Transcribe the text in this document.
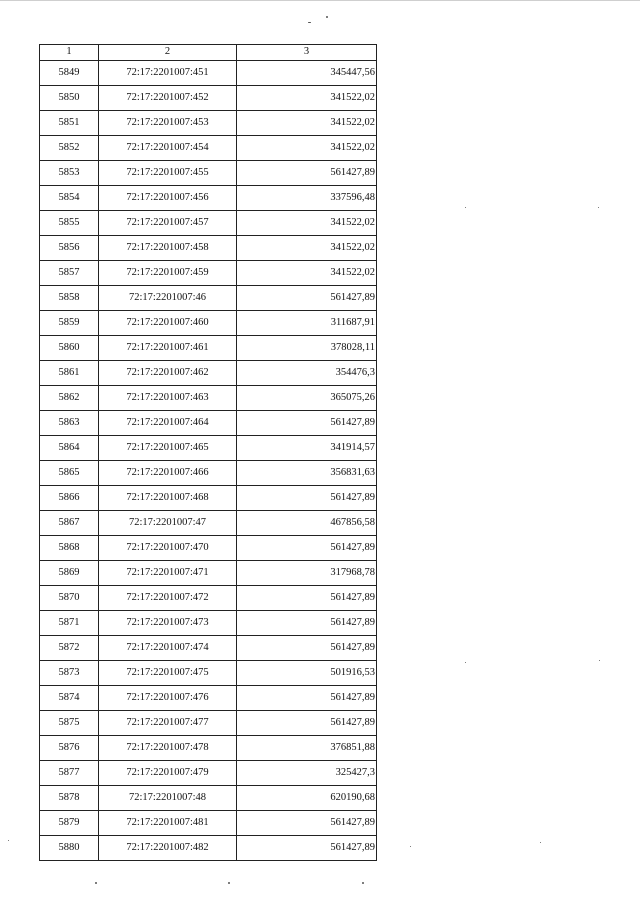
1	2	3
5849	72:17:2201007:451	345447,56
5850	72:17:2201007:452	341522,02
5851	72:17:2201007:453	341522,02
5852	72:17:2201007:454	341522,02
5853	72:17:2201007:455	561427,89
5854	72:17:2201007:456	337596,48
5855	72:17:2201007:457	341522,02
5856	72:17:2201007:458	341522,02
5857	72:17:2201007:459	341522,02
5858	72:17:2201007:46	561427,89
5859	72:17:2201007:460	311687,91
5860	72:17:2201007:461	378028,11
5861	72:17:2201007:462	354476,3
5862	72:17:2201007:463	365075,26
5863	72:17:2201007:464	561427,89
5864	72:17:2201007:465	341914,57
5865	72:17:2201007:466	356831,63
5866	72:17:2201007:468	561427,89
5867	72:17:2201007:47	467856,58
5868	72:17:2201007:470	561427,89
5869	72:17:2201007:471	317968,78
5870	72:17:2201007:472	561427,89
5871	72:17:2201007:473	561427,89
5872	72:17:2201007:474	561427,89
5873	72:17:2201007:475	501916,53
5874	72:17:2201007:476	561427,89
5875	72:17:2201007:477	561427,89
5876	72:17:2201007:478	376851,88
5877	72:17:2201007:479	325427,3
5878	72:17:2201007:48	620190,68
5879	72:17:2201007:481	561427,89
5880	72:17:2201007:482	561427,89
